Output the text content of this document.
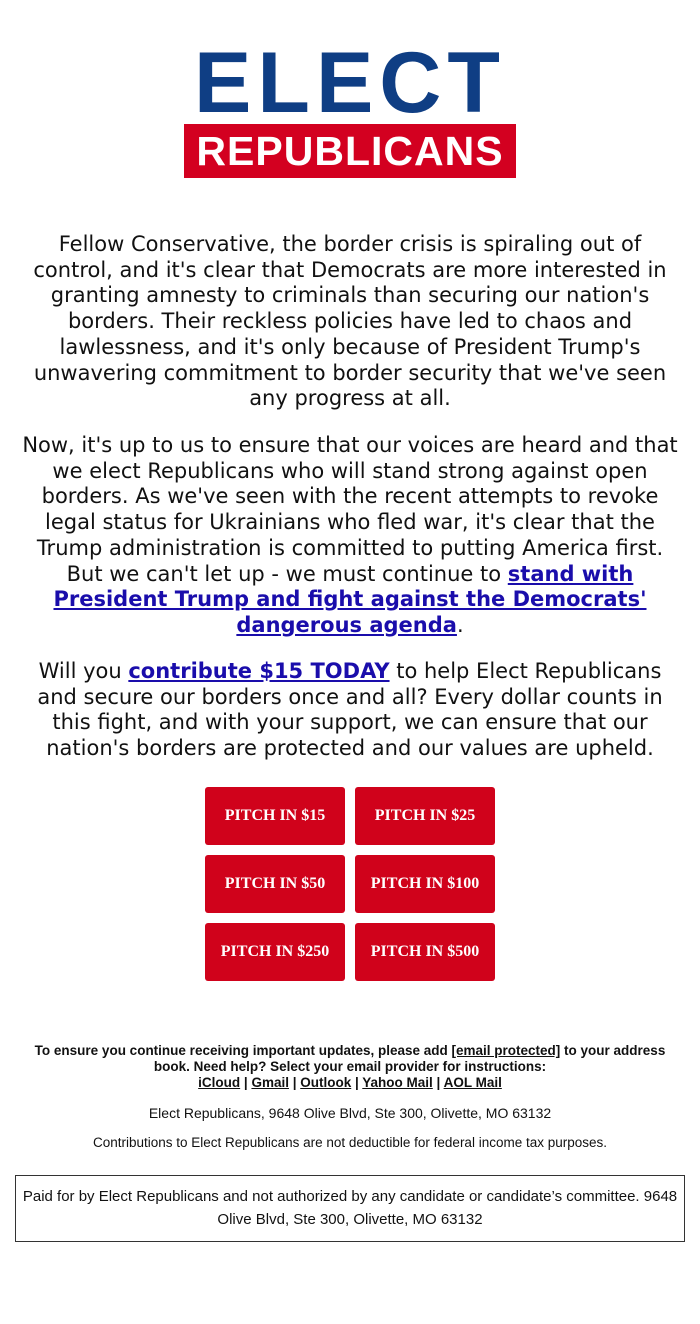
ELECT
REPUBLICANS

Fellow Conservative, the border crisis is spiraling out of control, and it's clear that Democrats are more interested in granting amnesty to criminals than securing our nation's borders. Their reckless policies have led to chaos and lawlessness, and it's only because of President Trump's unwavering commitment to border security that we've seen any progress at all.

Now, it's up to us to ensure that our voices are heard and that we elect Republicans who will stand strong against open borders. As we've seen with the recent attempts to revoke legal status for Ukrainians who fled war, it's clear that the Trump administration is committed to putting America first. But we can't let up - we must continue to stand with President Trump and fight against the Democrats' dangerous agenda.

Will you contribute $15 TODAY to help Elect Republicans and secure our borders once and all? Every dollar counts in this fight, and with your support, we can ensure that our nation's borders are protected and our values are upheld.

PITCH IN $15	PITCH IN $25
PITCH IN $50	PITCH IN $100
PITCH IN $250	PITCH IN $500
To ensure you continue receiving important updates, please add [email protected] to your address book. Need help? Select your email provider for instructions:
iCloud | Gmail | Outlook | Yahoo Mail | AOL Mail
Elect Republicans, 9648 Olive Blvd, Ste 300, Olivette, MO 63132
Contributions to Elect Republicans are not deductible for federal income tax purposes.
Paid for by Elect Republicans and not authorized by any candidate or candidate’s committee. 9648 Olive Blvd, Ste 300, Olivette, MO 63132
